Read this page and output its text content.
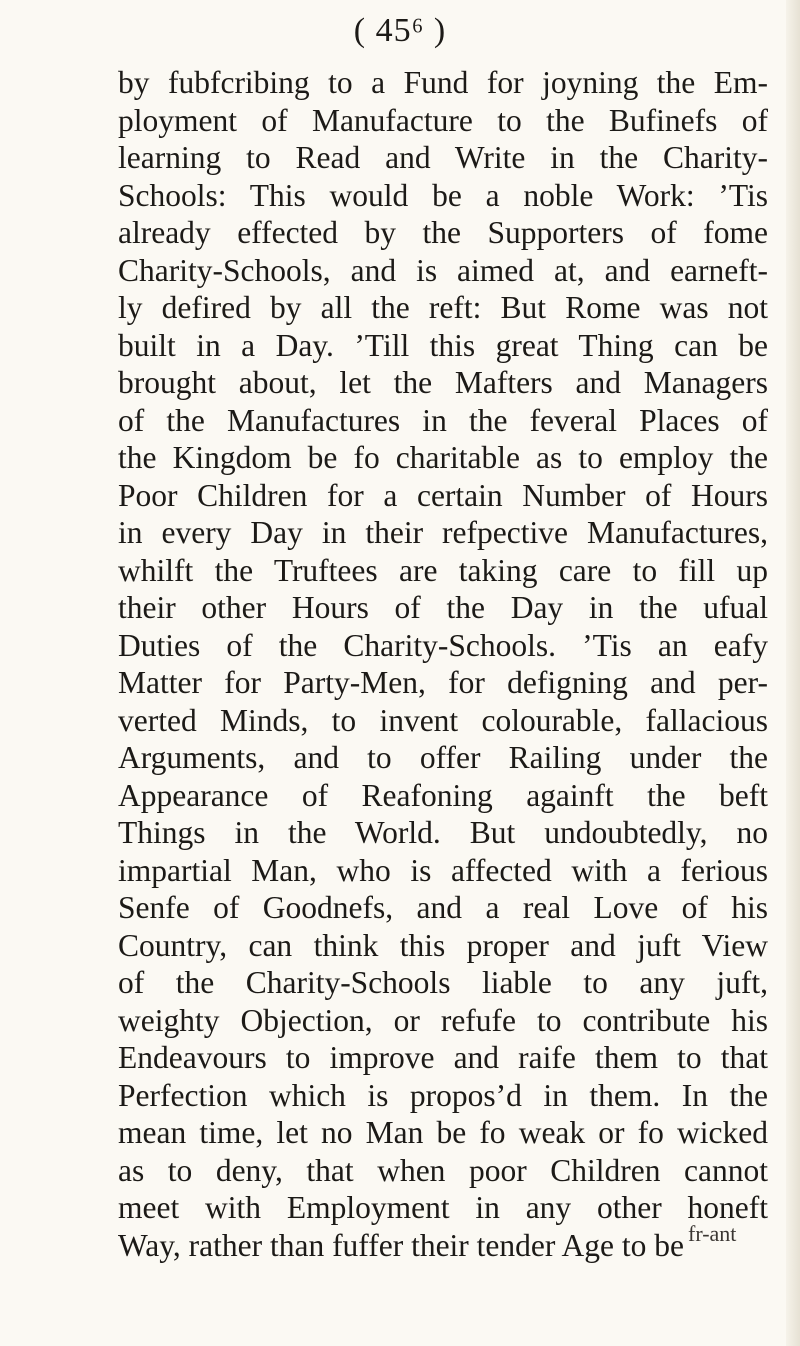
( 45⁶ )
by fubfcribing to a Fund for joyning the Em-
ployment of Manufacture to the Bufinefs of
learning to Read and Write in the Charity-
Schools: This would be a noble Work: ’Tis
already effected by the Supporters of fome
Charity-Schools, and is aimed at, and earneft-
ly defired by all the reft: But Rome was not
built in a Day. ’Till this great Thing can be
brought about, let the Mafters and Managers
of the Manufactures in the feveral Places of
the Kingdom be fo charitable as to employ the
Poor Children for a certain Number of Hours
in every Day in their refpective Manufactures,
whilft the Truftees are taking care to fill up
their other Hours of the Day in the ufual
Duties of the Charity-Schools. ’Tis an eafy
Matter for Party-Men, for defigning and per-
verted Minds, to invent colourable, fallacious
Arguments, and to offer Railing under the
Appearance of Reafoning againft the beft
Things in the World. But undoubtedly, no
impartial Man, who is affected with a ferious
Senfe of Goodnefs, and a real Love of his
Country, can think this proper and juft View
of the Charity-Schools liable to any juft,
weighty Objection, or refufe to contribute his
Endeavours to improve and raife them to that
Perfection which is propos’d in them. In the
mean time, let no Man be fo weak or fo wicked
as to deny, that when poor Children cannot
meet with Employment in any other honeft
Way, rather than fuffer their tender Age to be fr-ant
